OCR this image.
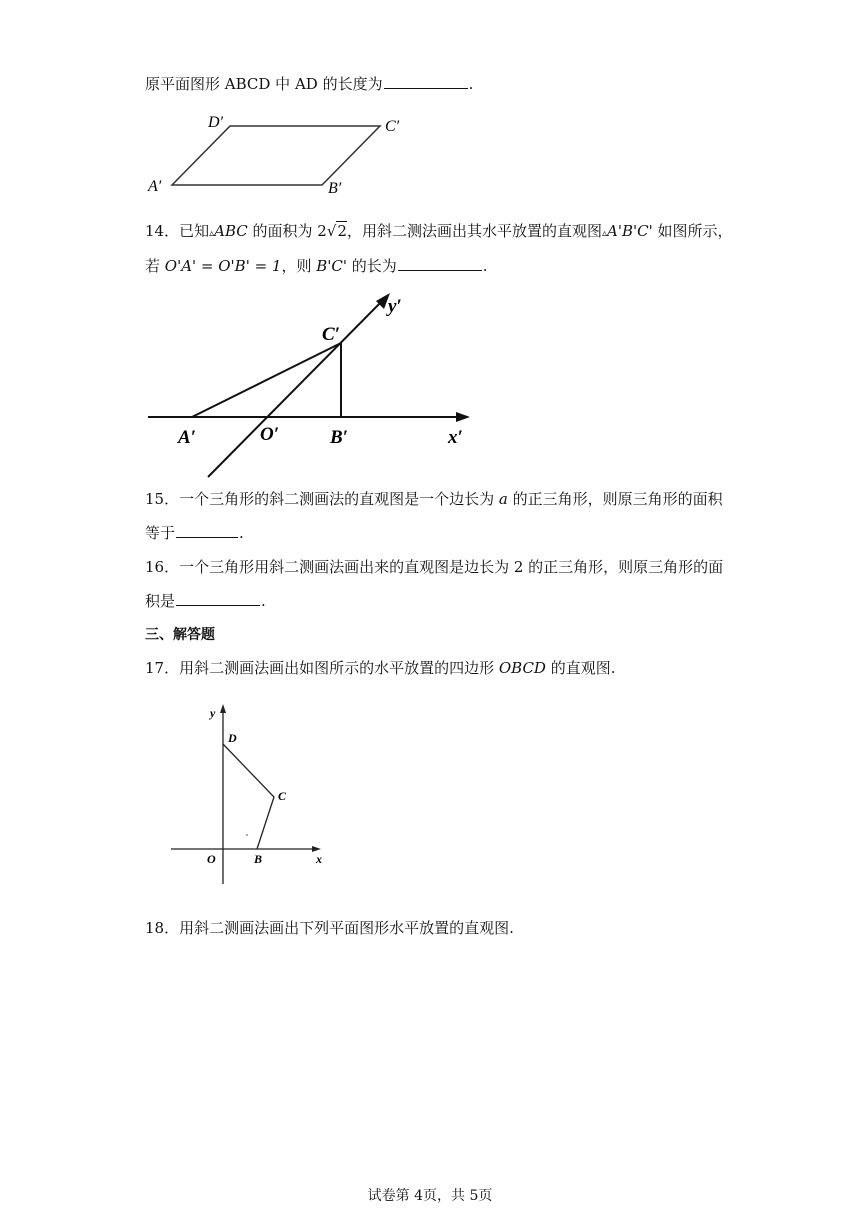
原平面图形 ABCD 中 AD 的长度为	.
A′	B′
C′
D′
14．已知▵ABC 的面积为 2√2，用斜二测法画出其水平放置的直观图▵A'B'C' 如图所示，
若 O'A' = O'B' = 1，则 B'C' 的长为	.
A′	O′	B′
C′
x′
y′
15．一个三角形的斜二测画法的直观图是一个边长为 a 的正三角形，则原三角形的面积
等于	.
16．一个三角形用斜二测画法画出来的直观图是边长为 2 的正三角形，则原三角形的面
积是	.
三、解答题
17．用斜二测画法画出如图所示的水平放置的四边形 OBCD 的直观图.
y
D
C
O	B	x
18．用斜二测画法画出下列平面图形水平放置的直观图.
试卷第 4页，共 5页
